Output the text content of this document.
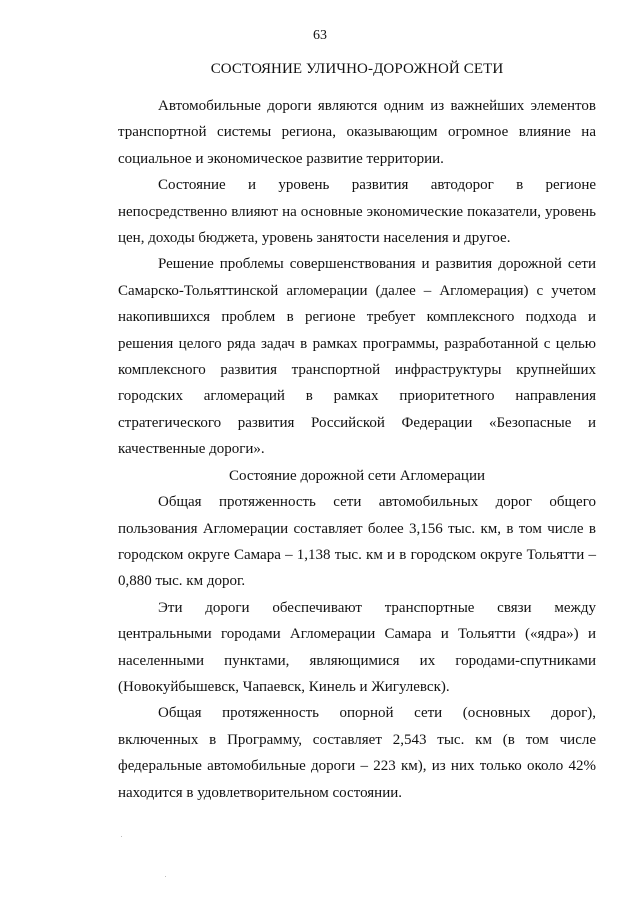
63
СОСТОЯНИЕ УЛИЧНО-ДОРОЖНОЙ СЕТИ

Автомобильные дороги являются одним из важнейших элементов транспортной системы региона, оказывающим огромное влияние на социальное и экономическое развитие территории.

Состояние и уровень развития автодорог в регионе непосредственно влияют на основные экономические показатели, уровень цен, доходы бюджета, уровень занятости населения и другое.

Решение проблемы совершенствования и развития дорожной сети Самарско-Тольяттинской агломерации (далее – Агломерация) с учетом накопившихся проблем в регионе требует комплексного подхода и решения целого ряда задач в рамках программы, разработанной с целью комплексного развития транспортной инфраструктуры крупнейших городских агломераций в рамках приоритетного направления стратегического развития Российской Федерации «Безопасные и качественные дороги».

Состояние дорожной сети Агломерации

Общая протяженность сети автомобильных дорог общего пользования Агломерации составляет более 3,156 тыс. км, в том числе в городском округе Самара – 1,138 тыс. км и в городском округе Тольятти – 0,880 тыс. км дорог.

Эти дороги обеспечивают транспортные связи между центральными городами Агломерации Самара и Тольятти («ядра») и населенными пунктами, являющимися их городами-спутниками (Новокуйбышевск, Чапаевск, Кинель и Жигулевск).

Общая протяженность опорной сети (основных дорог), включенных в Программу, составляет 2,543 тыс. км (в том числе федеральные автомобильные дороги – 223 км), из них только около 42% находится в удовлетворительном состоянии.
